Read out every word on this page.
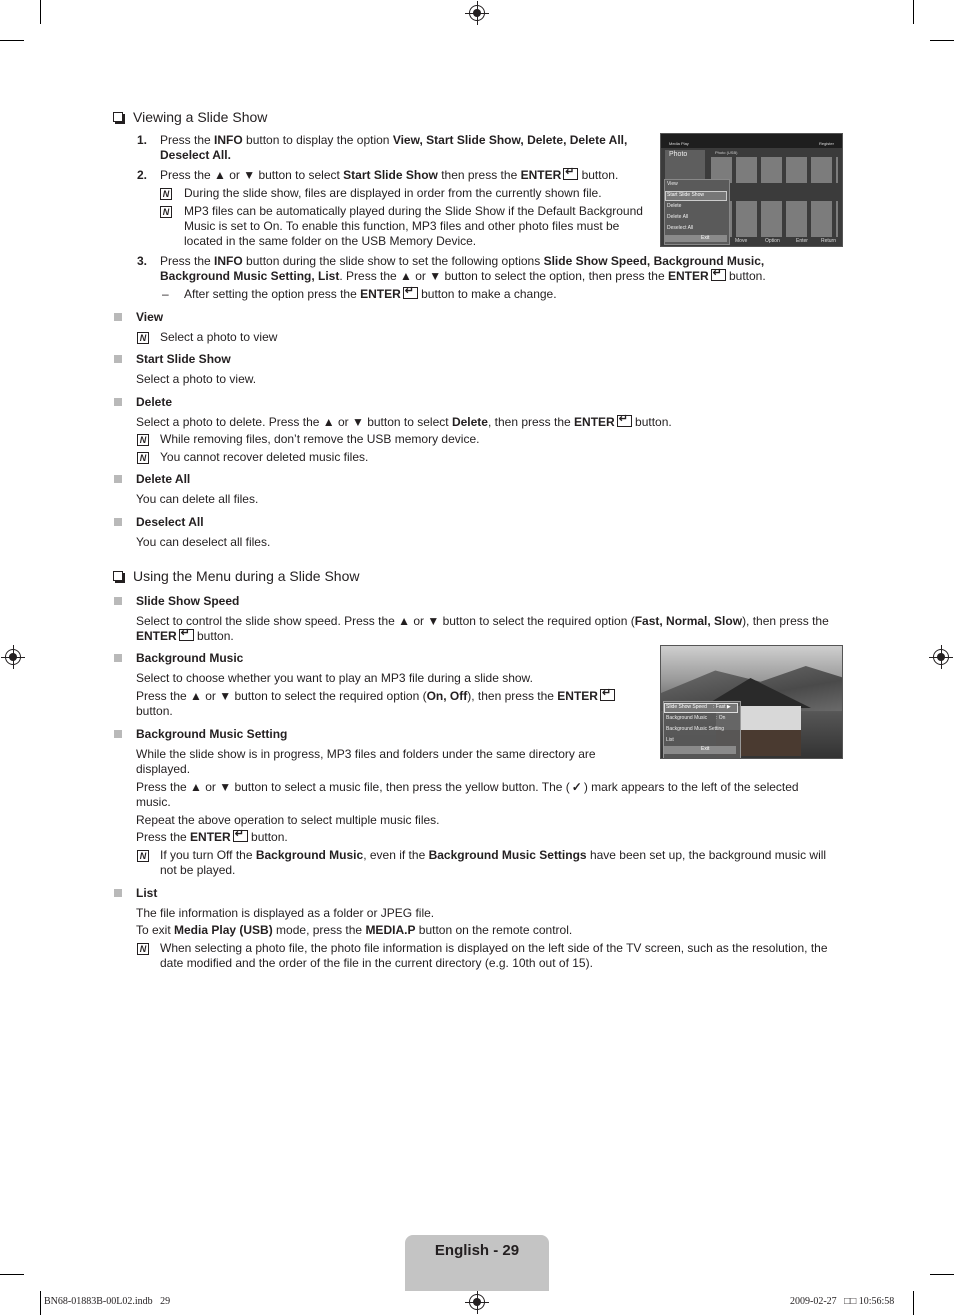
Viewing a Slide Show
1. Press the INFO button to display the option View, Start Slide Show, Delete, Delete All,
Deselect All.
2. Press the ▲ or ▼ button to select Start Slide Show then press the ENTER↵ button.
N During the slide show, files are displayed in order from the currently shown file.
N MP3 files can be automatically played during the Slide Show if the Default Background
Music is set to On. To enable this function, MP3 files and other photo files must be
located in the same folder on the USB Memory Device.
Media Play	Register
Photo	Photo (USB)
View
Start Slide Show
Delete
Delete All
Deselect All
Exit	Move	Option	Enter	Return
3. Press the INFO button during the slide show to set the following options Slide Show Speed, Background Music,
Background Music Setting, List. Press the ▲ or ▼ button to select the option, then press the ENTER↵ button.
– After setting the option press the ENTER↵ button to make a change.
View
N Select a photo to view
Start Slide Show
Select a photo to view.
Delete
Select a photo to delete. Press the ▲ or ▼ button to select Delete, then press the ENTER↵ button.
N While removing files, don’t remove the USB memory device.
N You cannot recover deleted music files.
Delete All
You can delete all files.
Deselect All
You can deselect all files.
Using the Menu during a Slide Show
Slide Show Speed
Select to control the slide show speed. Press the ▲ or ▼ button to select the required option (Fast, Normal, Slow), then press the
ENTER↵ button.
Background Music
Select to choose whether you want to play an MP3 file during a slide show.
Press the ▲ or ▼ button to select the required option (On, Off), then press the ENTER↵
button.	Slide Show Speed : Fast ▶
Background Music : On
Background Music Setting
List
Exit
Background Music Setting
While the slide show is in progress, MP3 files and folders under the same directory are
displayed.
Press the ▲ or ▼ button to select a music file, then press the yellow button. The ( ✓ ) mark appears to the left of the selected
music.
Repeat the above operation to select multiple music files.
Press the ENTER↵ button.
N If you turn Off the Background Music, even if the Background Music Settings have been set up, the background music will
not be played.
List
The file information is displayed as a folder or JPEG file.
To exit Media Play (USB) mode, press the MEDIA.P button on the remote control.
N When selecting a photo file, the photo file information is displayed on the left side of the TV screen, such as the resolution, the
date modified and the order of the file in the current directory (e.g. 10th out of 15).
English - 29
BN68-01883B-00L02.indb   29	2009-02-27   □□ 10:56:58
